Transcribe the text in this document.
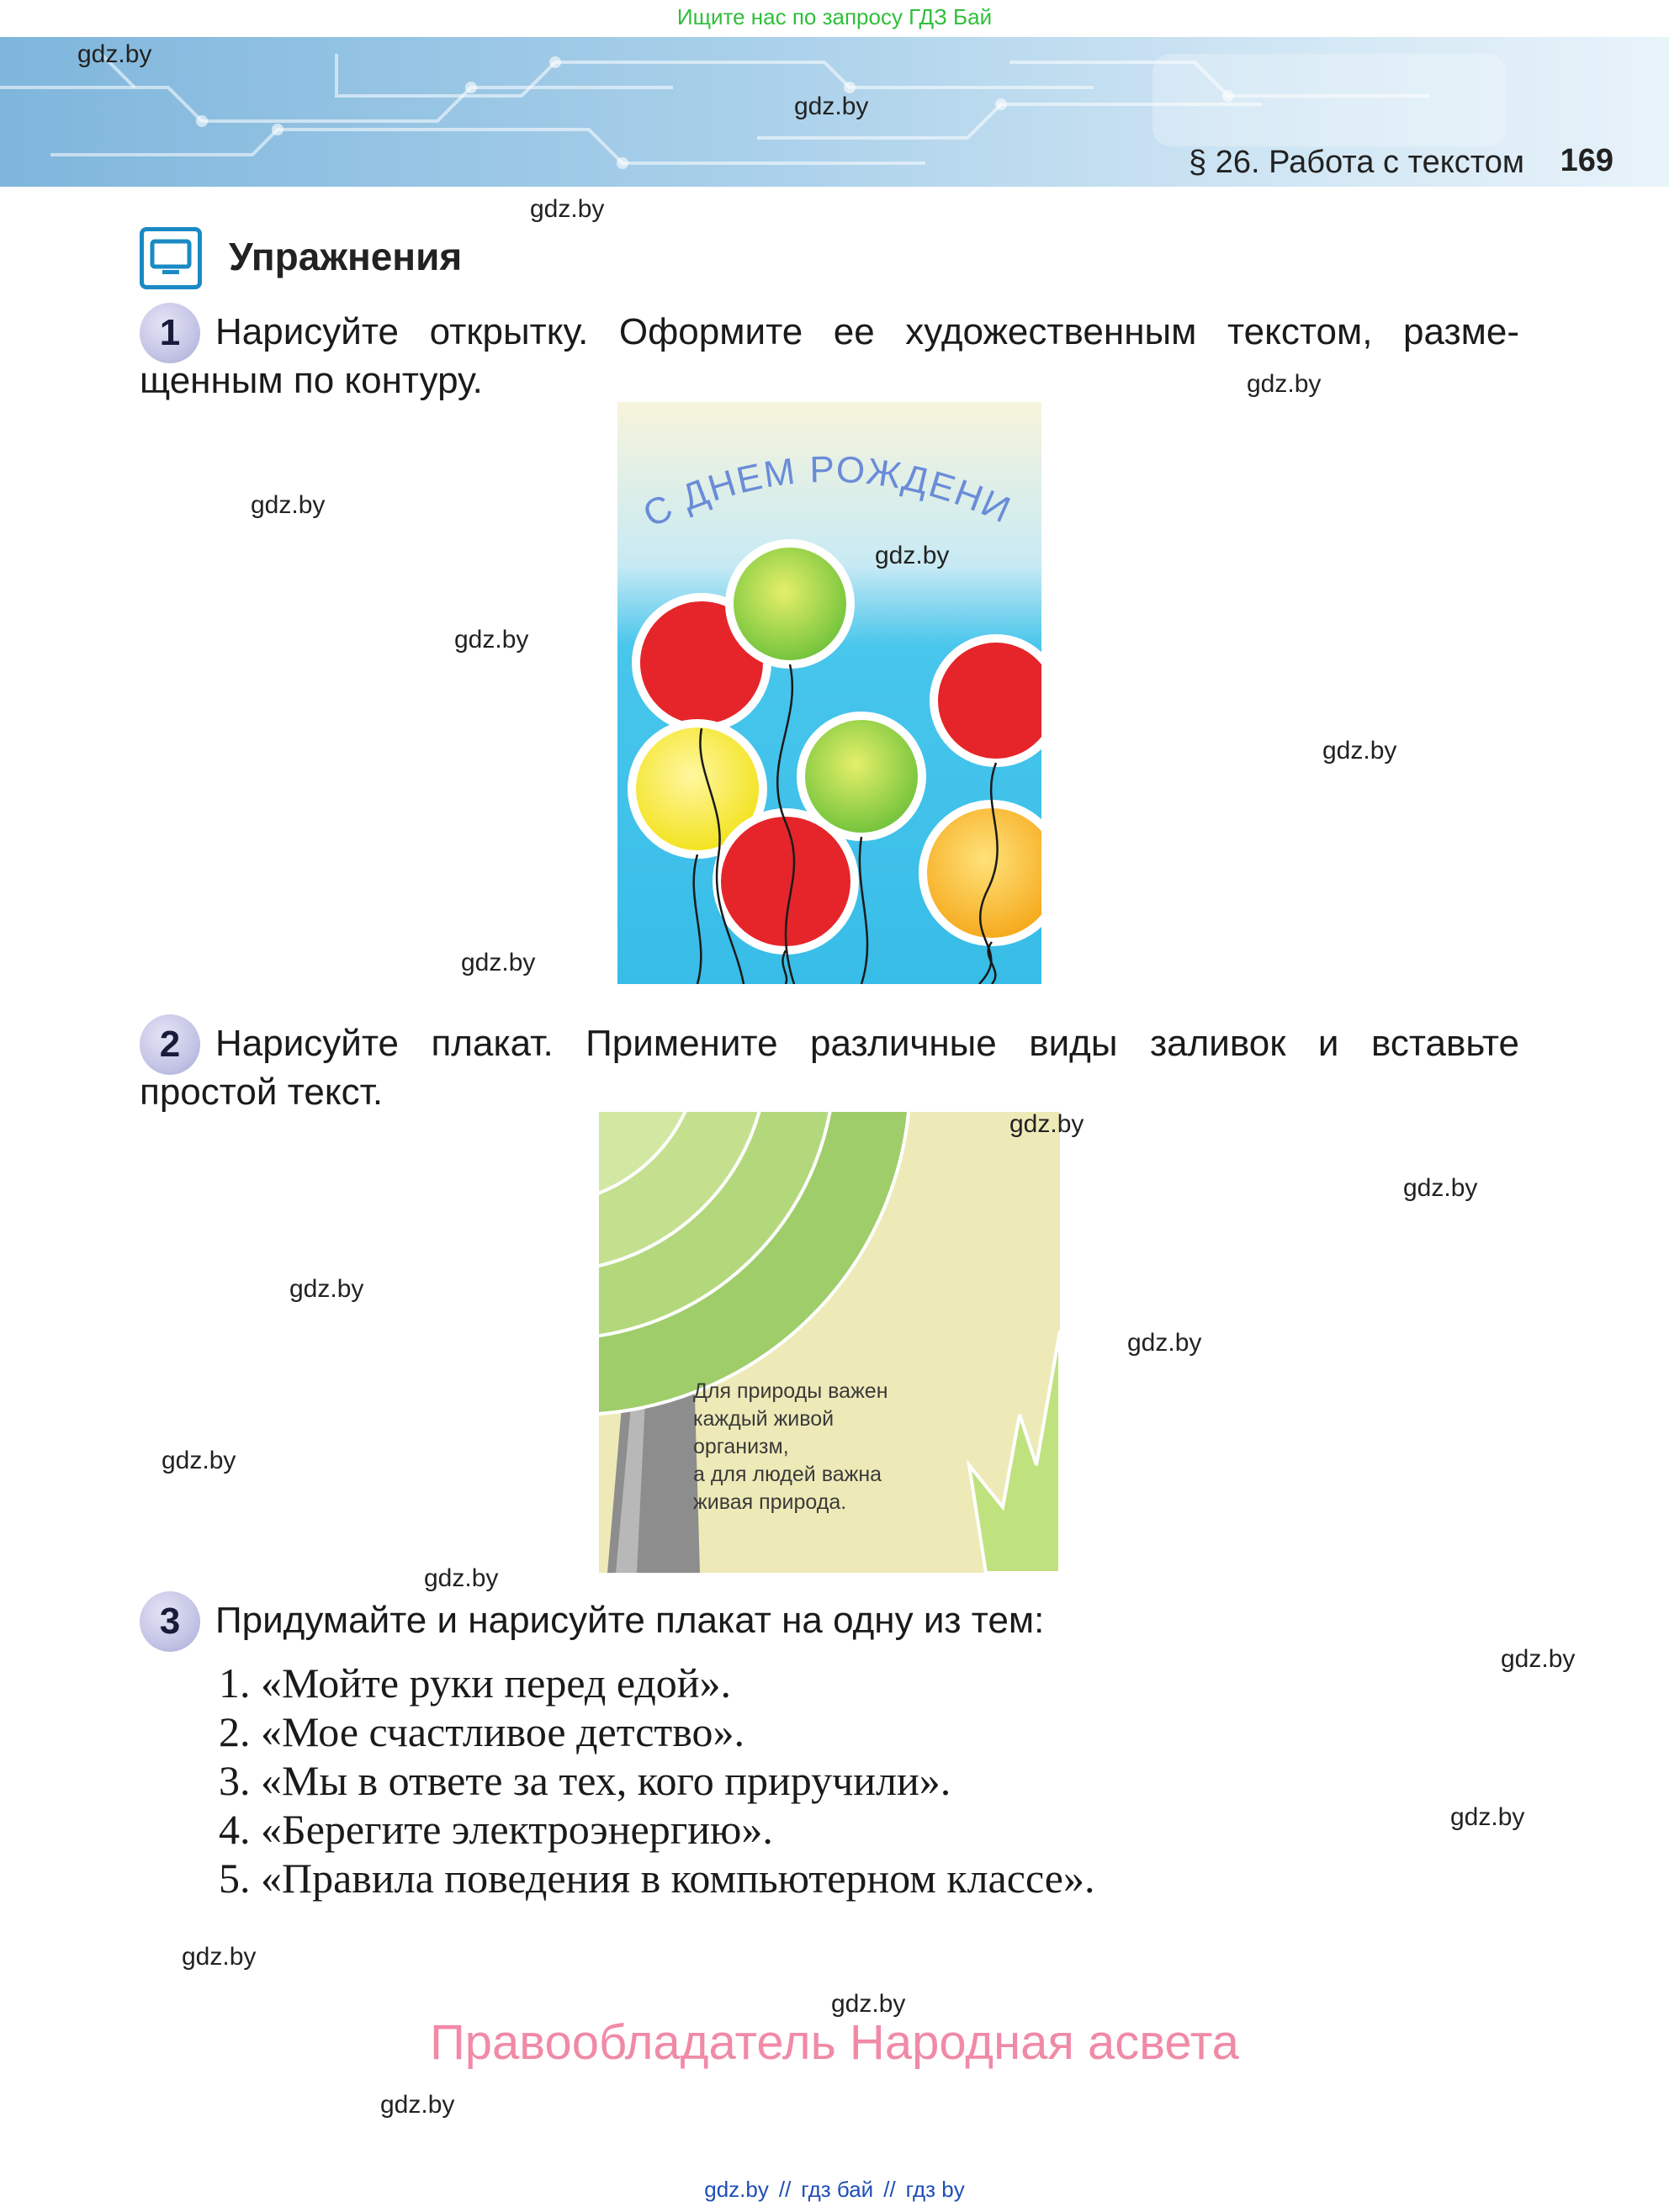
Ищите нас по запросу ГДЗ Бай
§ 26. Работа с текстом 169
Упражнения
1 Нарисуйте открытку. Оформите ее художественным текстом, разме-
щенным по контуру.
С ДНЕМ РОЖДЕНИ
2 Нарисуйте плакат. Примените различные виды заливок и вставьте
простой текст.
Для природы важен
каждый живой
организм,
а для людей важна
живая природа.
3 Придумайте и нарисуйте плакат на одну из тем:
1. «Мойте руки перед едой».
2. «Мое счастливое детство».
3. «Мы в ответе за тех, кого приручили».
4. «Берегите электроэнергию».
5. «Правила поведения в компьютерном классе».
Правообладатель Народная асвета
gdz.by
gdz.by
gdz.by
gdz.by
gdz.by
gdz.by
gdz.by
gdz.by
gdz.by
gdz.by
gdz.by
gdz.by
gdz.by
gdz.by
gdz.by
gdz.by
gdz.by
gdz.by
gdz.by
gdz.by
gdz.by // гдз бай // гдз by
